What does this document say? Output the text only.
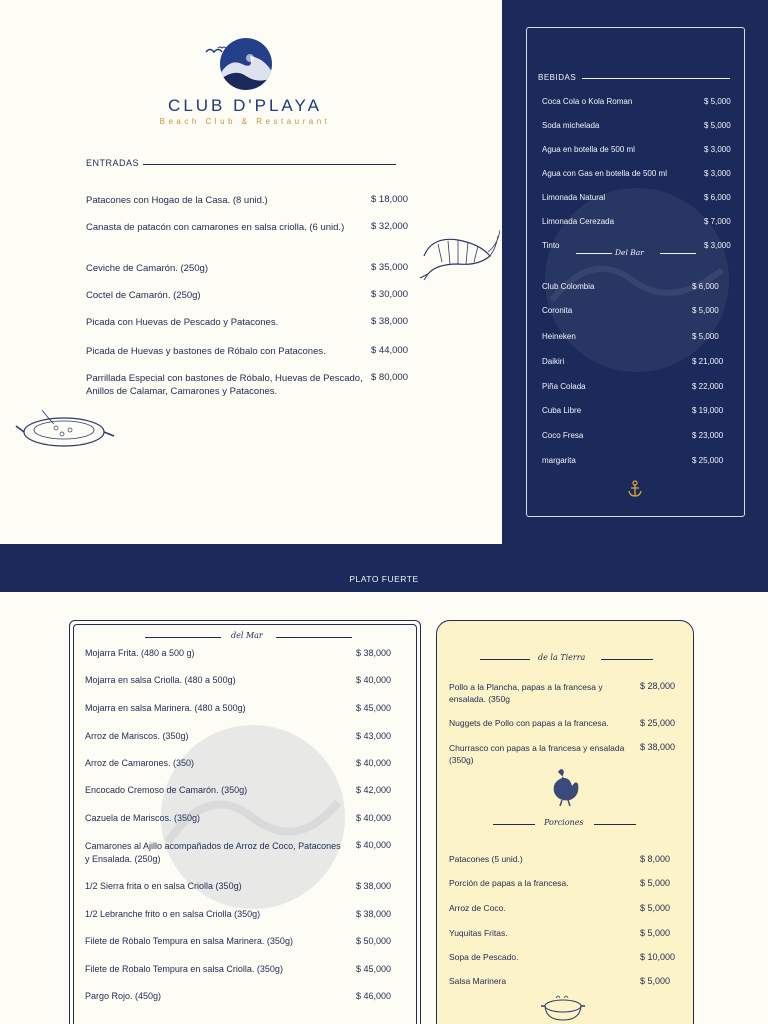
CLUB D'PLAYA
Beach Club & Restaurant
ENTRADAS
Patacones con Hogao de la Casa. (8 unid.)	$ 18,000
Canasta de patacón con camarones en salsa criolla. (6 unid.)	$ 32,000
Ceviche de Camarón. (250g)	$ 35,000
Coctel de Camarón. (250g)	$ 30,000
Picada con Huevas de Pescado y Patacones.	$ 38,000
Picada de Huevas y bastones de Róbalo con Patacones.	$ 44,000
Parrillada Especial con bastones de Róbalo, Huevas de Pescado, Anillos de Calamar, Camarones y Patacones.
$ 80,000
BEBIDAS
Coca Cola o Kola Roman	$ 5,000
Soda michelada	$ 5,000
Agua en botella de 500 ml	$ 3,000
Agua con Gas en botella de 500 ml	$ 3,000
Limonada Natural	$ 6,000
Limonada Cerezada	$ 7,000
Tinto	$ 3,000
Del Bar
Club Colombia	$ 6,000
Coronita	$ 5,000
Heineken	$ 5,000
Daikiri	$ 21,000
Piña Colada	$ 22,000
Cuba Libre	$ 19,000
Coco Fresa	$ 23,000
margarita	$ 25,000
PLATO FUERTE
del Mar
Mojarra Frita. (480 a 500 g)	$ 38,000
Mojarra en salsa Criolla. (480 a 500g)	$ 40,000
Mojarra en salsa Marinera. (480 a 500g)	$ 45,000
Arroz de Mariscos. (350g)	$ 43,000
Arroz de Camarones. (350)	$ 40,000
Encocado Cremoso de Camarón. (350g)	$ 42,000
Cazuela de Mariscos. (350g)	$ 40,000
Camarones al Ajillo acompañados de Arroz de Coco, Patacones y Ensalada. (250g)
$ 40,000
1/2 Sierra frita o en salsa Criolla (350g)	$ 38,000
1/2 Lebranche frito o en salsa Criolla (350g)	$ 38,000
Filete de Ròbalo Tempura en salsa Marinera. (350g)	$ 50,000
Filete de Robalo Tempura en salsa Criolla. (350g)	$ 45,000
Pargo Rojo. (450g)	$ 46,000
de la Tierra
Pollo a la Plancha, papas a la francesa y ensalada. (350g
$ 28,000
Nuggets de Pollo con papas a la francesa.	$ 25,000
Churrasco con papas a la francesa y ensalada (350g)
$ 38,000
Porciones
Patacones (5 unid.)	$ 8,000
Porción de papas a la francesa.	$ 5,000
Arroz de Coco.	$ 5,000
Yuquitas Fritas.	$ 5,000
Sopa de Pescado.	$ 10,000
Salsa Marinera	$ 5,000
